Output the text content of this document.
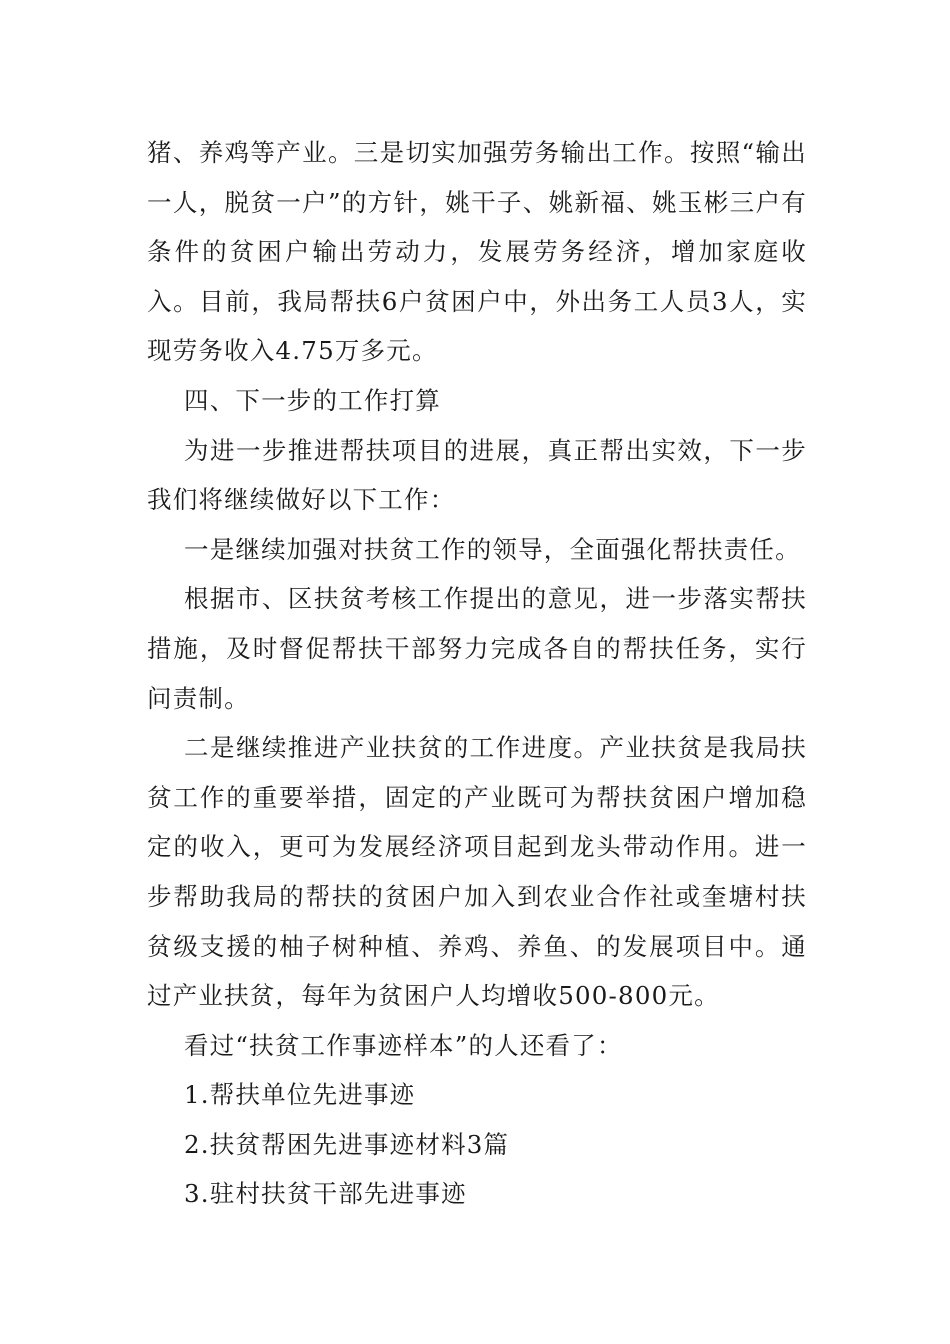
猪、养鸡等产业。三是切实加强劳务输出工作。按照“输出一人，脱贫一户”的方针，姚干子、姚新福、姚玉彬三户有条件的贫困户输出劳动力，发展劳务经济，增加家庭收入。目前，我局帮扶6户贫困户中，外出务工人员3人，实现劳务收入4.75万多元。

四、下一步的工作打算

为进一步推进帮扶项目的进展，真正帮出实效，下一步我们将继续做好以下工作：

一是继续加强对扶贫工作的领导，全面强化帮扶责任。

根据市、区扶贫考核工作提出的意见，进一步落实帮扶措施，及时督促帮扶干部努力完成各自的帮扶任务，实行问责制。

二是继续推进产业扶贫的工作进度。产业扶贫是我局扶贫工作的重要举措，固定的产业既可为帮扶贫困户增加稳定的收入，更可为发展经济项目起到龙头带动作用。进一步帮助我局的帮扶的贫困户加入到农业合作社或奎塘村扶贫级支援的柚子树种植、养鸡、养鱼、的发展项目中。通过产业扶贫，每年为贫困户人均增收500-800元。

看过“扶贫工作事迹样本”的人还看了：

1.帮扶单位先进事迹

2.扶贫帮困先进事迹材料3篇

3.驻村扶贫干部先进事迹
